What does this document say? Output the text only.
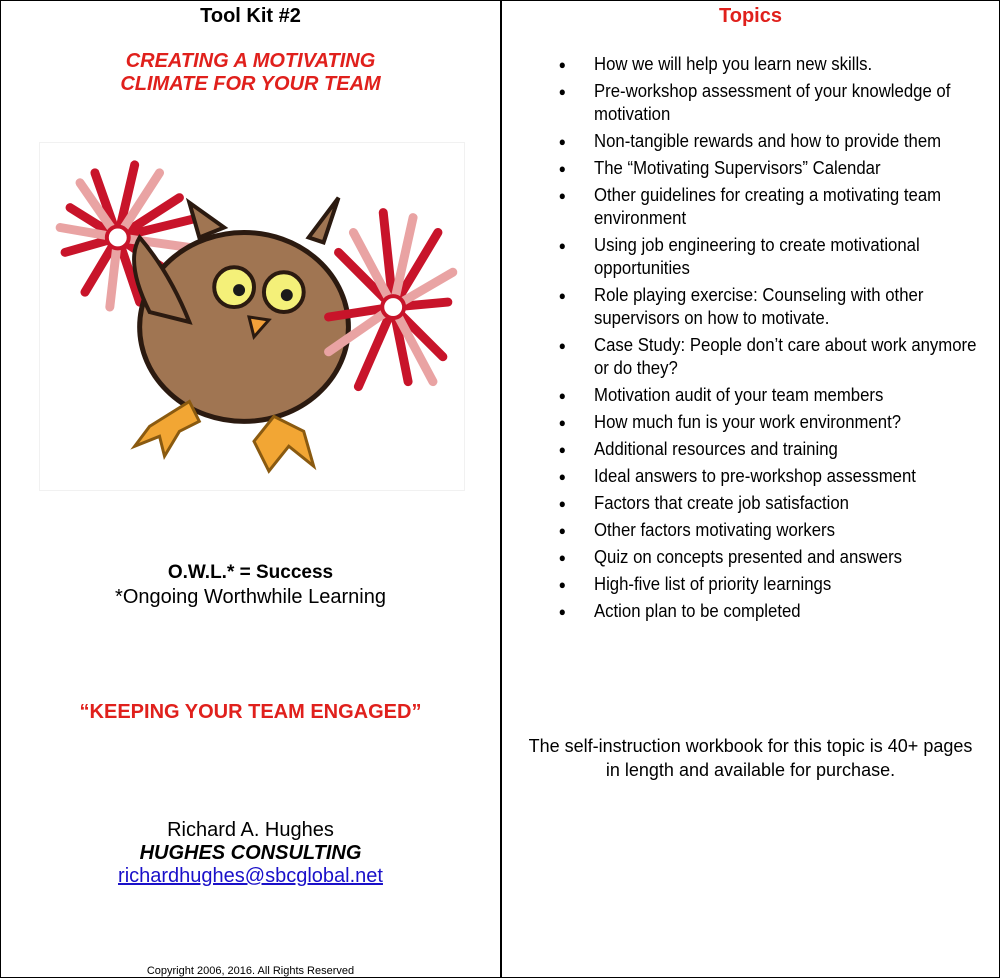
Tool Kit #2
CREATING A MOTIVATING
CLIMATE FOR YOUR TEAM
O.W.L.* = Success
*Ongoing Worthwhile Learning
“KEEPING YOUR TEAM ENGAGED”
Richard A. Hughes
HUGHES CONSULTING
richardhughes@sbcglobal.net
Copyright 2006, 2016. All Rights Reserved
Topics
● How we will help you learn new skills.
● Pre-workshop assessment of your knowledge of motivation
● Non-tangible rewards and how to provide them
● The “Motivating Supervisors” Calendar
● Other guidelines for creating a motivating team environment
● Using job engineering to create motivational opportunities
● Role playing exercise: Counseling with other supervisors on how to motivate.
● Case Study: People don’t care about work anymore or do they?
● Motivation audit of your team members
● How much fun is your work environment?
● Additional resources and training
● Ideal answers to pre-workshop assessment
● Factors that create job satisfaction
● Other factors motivating workers
● Quiz on concepts presented and answers
● High-five list of priority learnings
● Action plan to be completed
The self-instruction workbook for this topic is 40+ pages in length and available for purchase.
